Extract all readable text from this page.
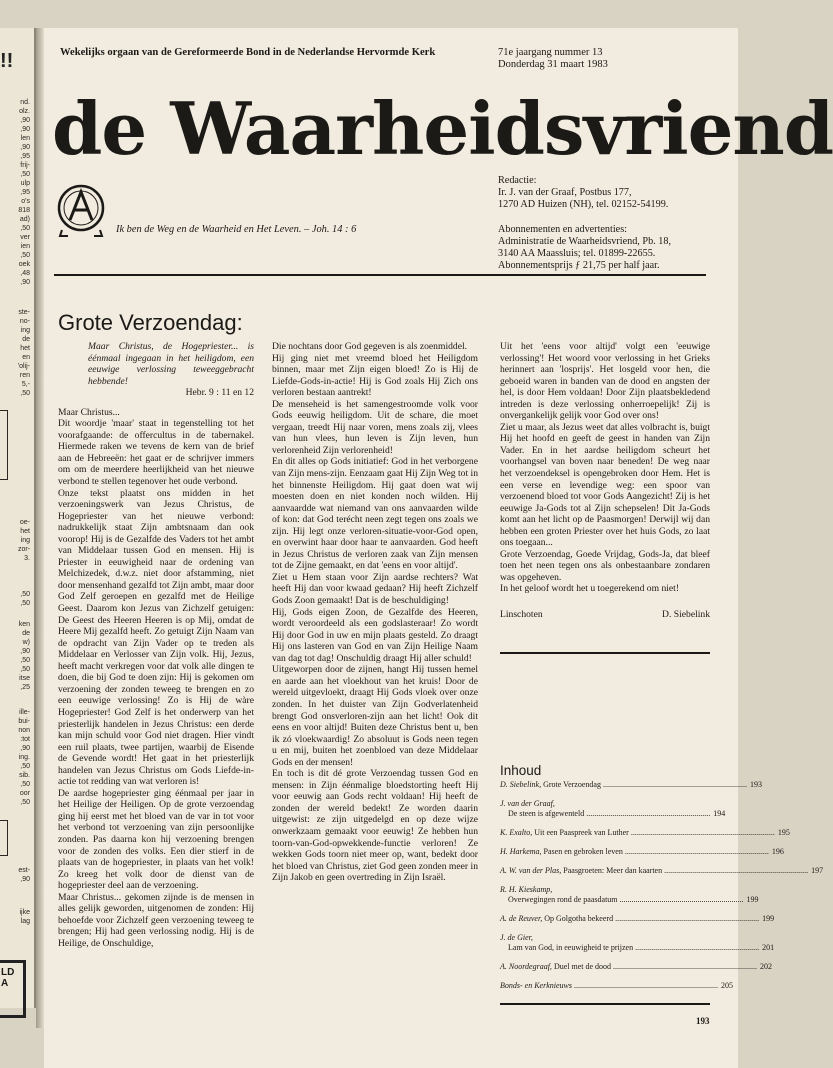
!!
nd.
olz.
,90
,90
len
,90
,95
frij-
,50
ulp
,95
o's
818
ad)
,50
ver
ien
,50
oek
,48
,90
ste-
no-
ing
de
het
en
'olij-
ren
5,-
,50
oe-
het
ing
zor-
3.
,50
,50
ken
de
w)
,90
,50
,50
itse
,25
ille-
bui-
non
:tot
,90
ing.
,50
sib.
,50
oor
,50
est-
,90
ijke
lag
LD
A
Wekelijks orgaan van de Gereformeerde Bond in de Nederlandse Hervormde Kerk	71e jaargang nummer 13
Donderdag 31 maart 1983
de Waarheidsvriend
Ik ben de Weg en de Waarheid en Het Leven. – Joh. 14 : 6
Redactie:
Ir. J. van der Graaf, Postbus 177,
1270 AD Huizen (NH), tel. 02152-54199.
Abonnementen en advertenties:
Administratie de Waarheidsvriend, Pb. 18,
3140 AA Maassluis; tel. 01899-22655.
Abonnementsprijs ƒ 21,75 per half jaar.
Grote Verzoendag:
Maar Christus, de Hogepriester... is éénmaal ingegaan in het heiligdom, een eeuwige verlossing teweeggebracht hebbende!
Hebr. 9 : 11 en 12

Maar Christus...

Dit woordje 'maar' staat in tegenstelling tot het voorafgaande: de offercultus in de tabernakel. Hiermede raken we tevens de kern van de brief aan de Hebreeën: het gaat er de schrijver immers om om de meerdere heerlijkheid van het nieuwe verbond te stellen tegenover het oude verbond.

Onze tekst plaatst ons midden in het verzoeningswerk van Jezus Christus, de Hogepriester van het nieuwe verbond: nadrukkelijk staat Zijn ambtsnaam dan ook voorop! Hij is de Gezalfde des Vaders tot het ambt van Middelaar tussen God en mensen. Hij is Priester in eeuwigheid naar de ordening van Melchizedek, d.w.z. niet door afstamming, niet door mensenhand gezalfd tot Zijn ambt, maar door God Zelf geroepen en gezalfd met de Heilige Geest. Daarom kon Jezus van Zichzelf getuigen: De Geest des Heeren Heeren is op Mij, omdat de Heere Mij gezalfd heeft. Zo getuigt Zijn Naam van de opdracht van Zijn Vader op te treden als Middelaar en Verlosser van Zijn volk. Hij, Jezus, heeft macht verkregen voor dat volk alle dingen te doen, die bij God te doen zijn: Hij is gekomen om verzoening der zonden teweeg te brengen en zo een eeuwige verlossing! Zo is Hij de wàre Hogepriester! God Zelf is het onderwerp van het priesterlijk handelen in Jezus Christus: een derde kan mijn schuld voor God niet dragen. Hier vindt een ruil plaats, twee partijen, waarbij de Eisende de Gevende wordt! Het gaat in het priesterlijk handelen van Jezus Christus om Gods Liefde-in-actie tot redding van wat verloren is!

De aardse hogepriester ging éénmaal per jaar in het Heilige der Heiligen. Op de grote verzoendag ging hij eerst met het bloed van de var in tot voor het verbond tot verzoening van zijn persoonlijke zonden. Pas daarna kon hij verzoening brengen voor de zonden des volks. Een dier stierf in de plaats van de hogepriester, in plaats van het volk! Zo kreeg het volk door de dienst van de hogepriester deel aan de verzoening.

Maar Christus... gekomen zijnde is de mensen in alles gelijk geworden, uitgenomen de zonden: Hij behoefde voor Zichzelf geen verzoening teweeg te brengen; Hij had geen verlossing nodig. Hij is de Heilige, de Onschuldige,

Die nochtans door God gegeven is als zoenmiddel.

Hij ging niet met vreemd bloed het Heiligdom binnen, maar met Zijn eigen bloed! Zo is Hij de Liefde-Gods-in-actie! Hij is God zoals Hij Zich ons verloren bestaan aantrekt!

De menseheid is het samengestroomde volk voor Gods eeuwig heiligdom. Uit de schare, die moet vergaan, treedt Hij naar voren, mens zoals zij, vlees van hun vlees, hun leven is Zijn leven, hun verlorenheid Zijn verlorenheid!

En dit alles op Gods initiatief: God in het verborgene van Zijn mens-zijn. Eenzaam gaat Hij Zijn Weg tot in het binnenste Heiligdom. Hij gaat doen wat wij moesten doen en niet konden noch wilden. Hij aanvaardde wat niemand van ons aanvaarden wilde of kon: dat God terécht neen zegt tegen ons zoals we zijn. Hij legt onze verloren-situatie-voor-God open, en overwint haar door haar te aanvaarden. God heeft in Jezus Christus de verloren zaak van Zijn mensen tot de Zijne gemaakt, en dat 'eens en voor altijd'.

Ziet u Hem staan voor Zijn aardse rechters? Wat heeft Hij dan voor kwaad gedaan? Hij heeft Zichzelf Gods Zoon gemaakt! Dat is de beschuldiging!

Hij, Gods eigen Zoon, de Gezalfde des Heeren, wordt veroordeeld als een godslasteraar! Zo wordt Hij door God in uw en mijn plaats gesteld. Zo draagt Hij ons lasteren van God en van Zijn Heilige Naam van dag tot dag! Onschuldig draagt Hij aller schuld!

Uitgeworpen door de zijnen, hangt Hij tussen hemel en aarde aan het vloekhout van het kruis! Door de wereld uitgevloekt, draagt Hij Gods vloek over onze zonden. In het duister van Zijn Godverlatenheid brengt God onsverloren-zijn aan het licht! Ook dit eens en voor altijd! Buiten deze Christus bent u, ben ik zó vloekwaardig! Zo absoluut is Gods neen tegen u en mij, buiten het zoenbloed van deze Middelaar Gods en der mensen!

En toch is dit dé grote Verzoendag tussen God en mensen: in Zijn éénmalige bloedstorting heeft Hij voor eeuwig aan Gods recht voldaan! Hij heeft de zonden der wereld bedekt! Ze worden daarin uitgewist: ze zijn uitgedelgd en op deze wijze onwerkzaam gemaakt voor eeuwig! Ze hebben hun toorn-van-God-opwekkende-functie verloren! Ze wekken Gods toorn niet meer op, want, bedekt door het bloed van Christus, ziet God geen zonden meer in Zijn Jakob en geen overtreding in Zijn Israël.

Uit het 'eens voor altijd' volgt een 'eeuwige verlossing'! Het woord voor verlossing in het Grieks herinnert aan 'losprijs'. Het losgeld voor hen, die geboeid waren in banden van de dood en angsten der hel, is door Hem voldaan! Door Zijn plaatsbekledend intreden is deze verlossing onherroepelijk! Zij is onvergankelijk gelijk voor God over ons!

Ziet u maar, als Jezus weet dat alles volbracht is, buigt Hij het hoofd en geeft de geest in handen van Zijn Vader. En in het aardse heiligdom scheurt het voorhangsel van boven naar beneden! De weg naar het verzoendeksel is opengebroken door Hem. Het is een verse en levendige weg: een spoor van verzoenend bloed tot voor Gods Aangezicht! Zij is het eeuwige Ja-Gods tot al Zijn schepselen! Dit Ja-Gods komt aan het licht op de Paasmorgen! Derwijl wij dan hebben een groten Priester over het huis Gods, zo laat ons toegaan...

Grote Verzoendag, Goede Vrijdag, Gods-Ja, dat bleef toen het neen tegen ons als onbestaanbare zondaren was opgeheven.

In het geloof wordt het u toegerekend om niet!

Linschoten	D. Siebelink
Inhoud
D. Siebelink, Grote Verzoendag .....	193
J. van der Graaf,
De steen is afgewenteld .............................................................. 194
K. Exalto, Uit een Paaspreek van Luther .....	195
H. Harkema, Pasen en gebroken leven .....	196
A. W. van der Plas, Paasgroeten: Meer dan kaarten .....	197
R. H. Kieskamp,
Overwegingen rond de paasdatum .............................................................. 199
A. de Reuver, Op Golgotha bekeerd .....	199
J. de Gier,
Lam van God, in eeuwigheid te prijzen .............................................................. 201
A. Noordegraaf, Duel met de dood .....	202
Bonds- en Kerknieuws .....	205
193
